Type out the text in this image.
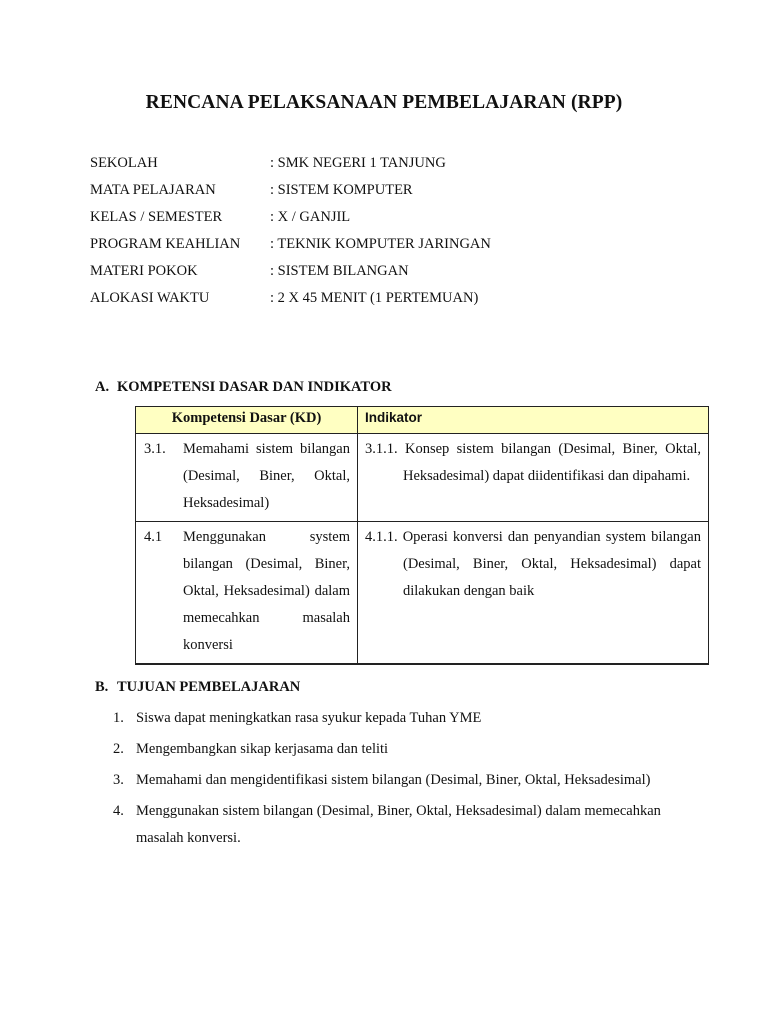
RENCANA PELAKSANAAN PEMBELAJARAN (RPP)
SEKOLAH	: SMK NEGERI 1 TANJUNG
MATA PELAJARAN	: SISTEM KOMPUTER
KELAS / SEMESTER	: X / GANJIL
PROGRAM KEAHLIAN : TEKNIK KOMPUTER JARINGAN
MATERI POKOK	: SISTEM BILANGAN
ALOKASI WAKTU	: 2 X 45 MENIT (1 PERTEMUAN)
A. KOMPETENSI DASAR DAN INDIKATOR
Kompetensi Dasar (KD)	Indikator

3.1. Memahami sistem bilangan (Desimal, Biner, Oktal, Heksadesimal)	3.1.1. Konsep sistem bilangan (Desimal, Biner, Oktal, Heksadesimal) dapat diidentifikasi dan dipahami.

4.1 Menggunakan system bilangan (Desimal, Biner, Oktal, Heksadesimal) dalam memecahkan masalah konversi	4.1.1. Operasi konversi dan penyandian system bilangan (Desimal, Biner, Oktal, Heksadesimal) dapat dilakukan dengan baik
B. TUJUAN PEMBELAJARAN
1. Siswa dapat meningkatkan rasa syukur kepada Tuhan YME
2. Mengembangkan sikap kerjasama dan teliti
3. Memahami dan mengidentifikasi sistem bilangan (Desimal, Biner, Oktal, Heksadesimal)
4. Menggunakan sistem bilangan (Desimal, Biner, Oktal, Heksadesimal) dalam memecahkan masalah konversi.
